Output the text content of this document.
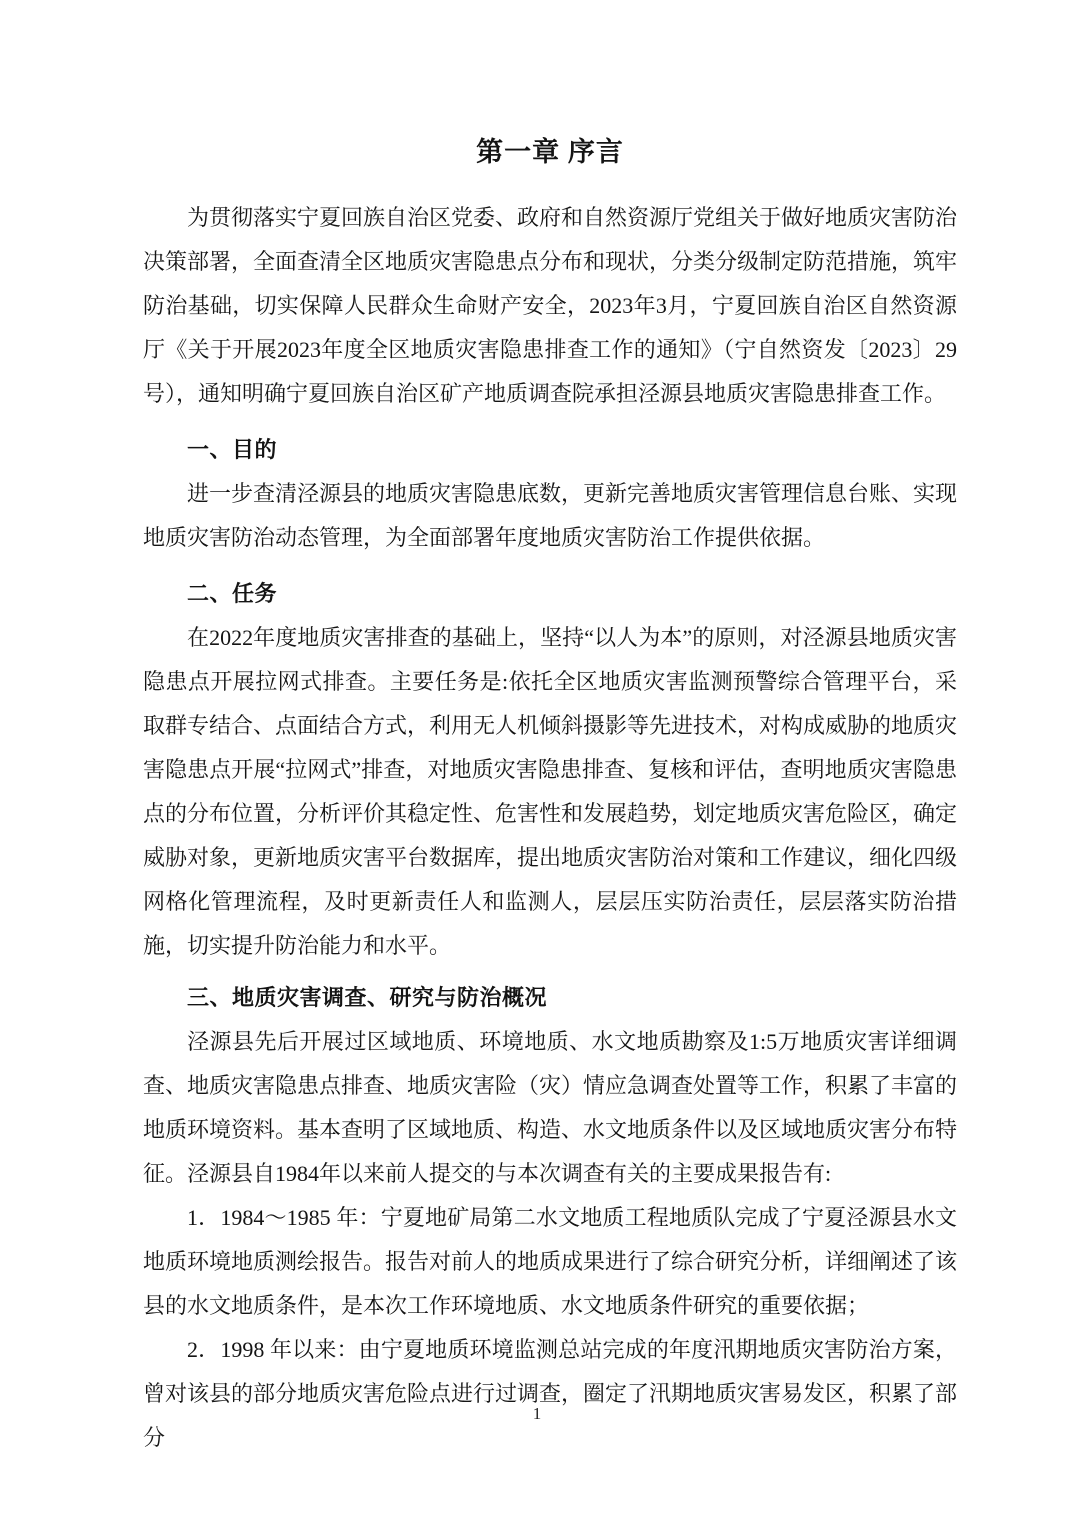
第一章 序言

为贯彻落实宁夏回族自治区党委、政府和自然资源厅党组关于做好地质灾害防治决策部署，全面查清全区地质灾害隐患点分布和现状，分类分级制定防范措施，筑牢防治基础，切实保障人民群众生命财产安全，2023年3月，宁夏回族自治区自然资源厅《关于开展2023年度全区地质灾害隐患排查工作的通知》（宁自然资发〔2023〕29号），通知明确宁夏回族自治区矿产地质调查院承担泾源县地质灾害隐患排查工作。

一、目的

进一步查清泾源县的地质灾害隐患底数，更新完善地质灾害管理信息台账、实现地质灾害防治动态管理，为全面部署年度地质灾害防治工作提供依据。

二、任务

在2022年度地质灾害排查的基础上，坚持“以人为本”的原则，对泾源县地质灾害隐患点开展拉网式排查。主要任务是:依托全区地质灾害监测预警综合管理平台，采取群专结合、点面结合方式，利用无人机倾斜摄影等先进技术，对构成威胁的地质灾害隐患点开展“拉网式”排查，对地质灾害隐患排查、复核和评估，查明地质灾害隐患点的分布位置，分析评价其稳定性、危害性和发展趋势，划定地质灾害危险区，确定威胁对象，更新地质灾害平台数据库，提出地质灾害防治对策和工作建议，细化四级网格化管理流程，及时更新责任人和监测人，层层压实防治责任，层层落实防治措施，切实提升防治能力和水平。

三、地质灾害调查、研究与防治概况

泾源县先后开展过区域地质、环境地质、水文地质勘察及1:5万地质灾害详细调查、地质灾害隐患点排查、地质灾害险（灾）情应急调查处置等工作，积累了丰富的地质环境资料。基本查明了区域地质、构造、水文地质条件以及区域地质灾害分布特征。泾源县自1984年以来前人提交的与本次调查有关的主要成果报告有:

1．1984～1985 年：宁夏地矿局第二水文地质工程地质队完成了宁夏泾源县水文地质环境地质测绘报告。报告对前人的地质成果进行了综合研究分析，详细阐述了该县的水文地质条件，是本次工作环境地质、水文地质条件研究的重要依据；

2．1998 年以来：由宁夏地质环境监测总站完成的年度汛期地质灾害防治方案，曾对该县的部分地质灾害危险点进行过调查，圈定了汛期地质灾害易发区，积累了部分

1
